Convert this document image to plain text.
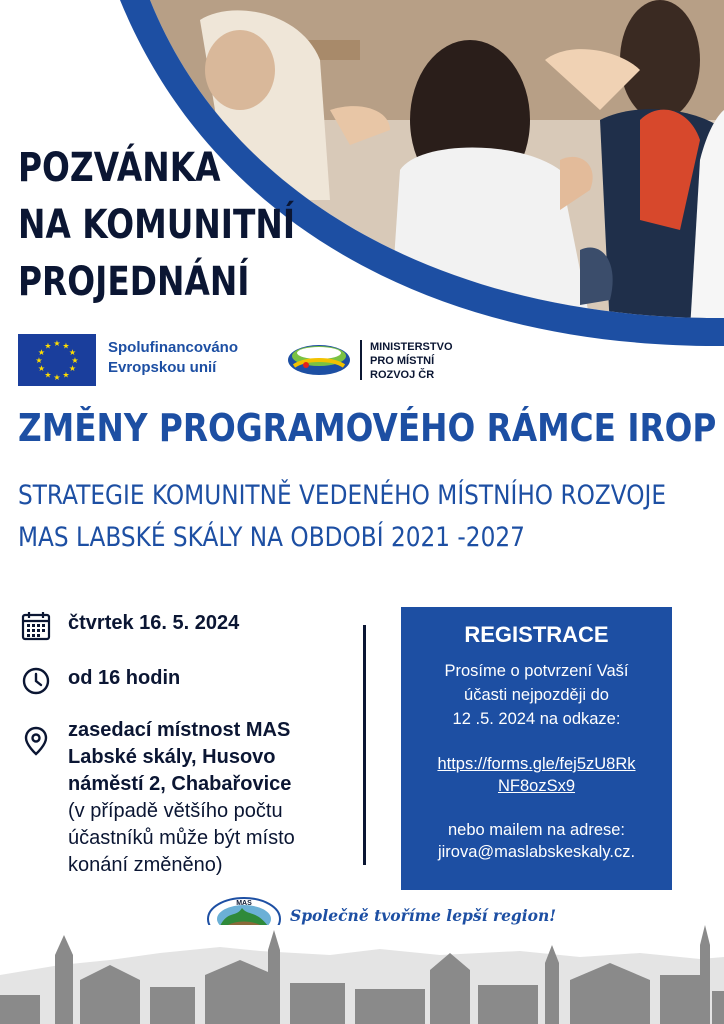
POZVÁNKA
NA KOMUNITNÍ
PROJEDNÁNÍ
★ ★
★
★
★
★
★
★
★
★
★
★	Spolufinancováno
Evropskou unií
MINISTERSTVO
PRO MÍSTNÍ
ROZVOJ ČR
ZMĚNY PROGRAMOVÉHO RÁMCE IROP
STRATEGIE KOMUNITNĚ VEDENÉHO MÍSTNÍHO ROZVOJE
MAS LABSKÉ SKÁLY NA OBDOBÍ 2021 -2027
čtvrtek 16. 5. 2024
od 16 hodin
zasedací místnost MAS
Labské skály, Husovo
náměstí 2, Chabařovice
(v případě většího počtu
účastníků může být místo
konání změněno)
REGISTRACE
Prosíme o potvrzení Vaší
účasti nejpozději do
12 .5. 2024 na odkaze:
https://forms.gle/fej5zU8Rk
NF8ozSx9
nebo mailem na adrese:
jirova@maslabskeskaly.cz.
MAS
Společně tvoříme lepší region!
